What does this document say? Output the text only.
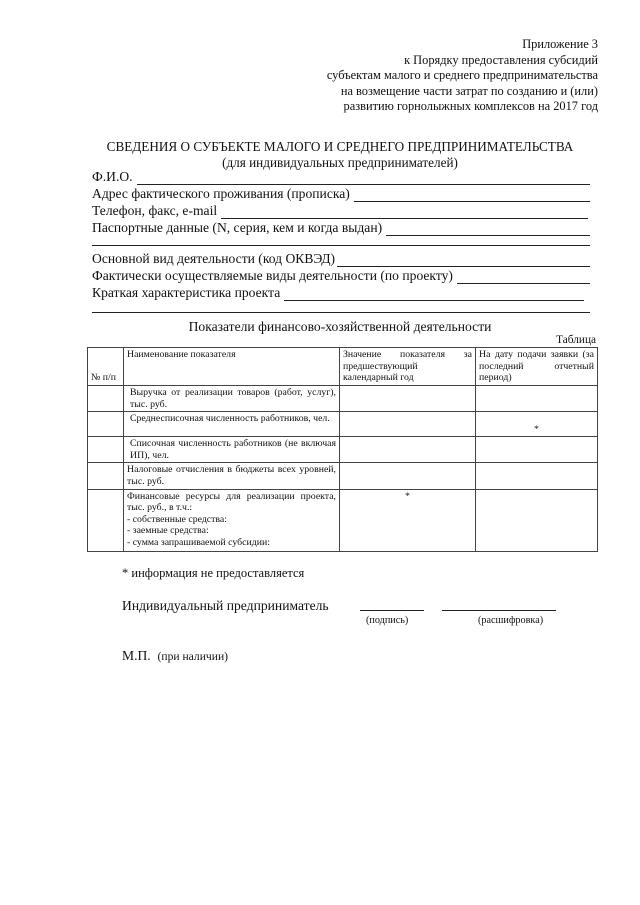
Приложение 3
к Порядку предоставления субсидий
субъектам малого и среднего предпринимательства
на возмещение части затрат по созданию и (или)
развитию горнолыжных комплексов на 2017 год
СВЕДЕНИЯ О СУБЪЕКТЕ МАЛОГО И СРЕДНЕГО ПРЕДПРИНИМАТЕЛЬСТВА
(для индивидуальных предпринимателей)
Ф.И.О.
Адрес фактического проживания (прописка)
Телефон, факс, e-mail
Паспортные данные (N, серия, кем и когда выдан)
Основной вид деятельности (код ОКВЭД)
Фактически осуществляемые виды деятельности (по проекту)
Краткая характеристика проекта
Показатели финансово-хозяйственной деятельности
Таблица
№ п/п	Наименование показателя	Значение показателя за предшествующий календарный год	На дату подачи заявки (за последний отчетный период)

	Выручка от реализации товаров (работ, услуг), тыс. руб.		

	Среднесписочная численность работников, чел.		*

	Списочная численность работников (не включая ИП), чел.		

	Налоговые отчисления в бюджеты всех уровней, тыс. руб.		

	Финансовые ресурсы для реализации проекта, тыс. руб., в т.ч.:
- собственные средства:
- заемные средства:
- сумма запрашиваемой субсидии:	*	
* информация не предоставляется
Индивидуальный предприниматель
(подпись)	(расшифровка)
М.П. (при наличии)
